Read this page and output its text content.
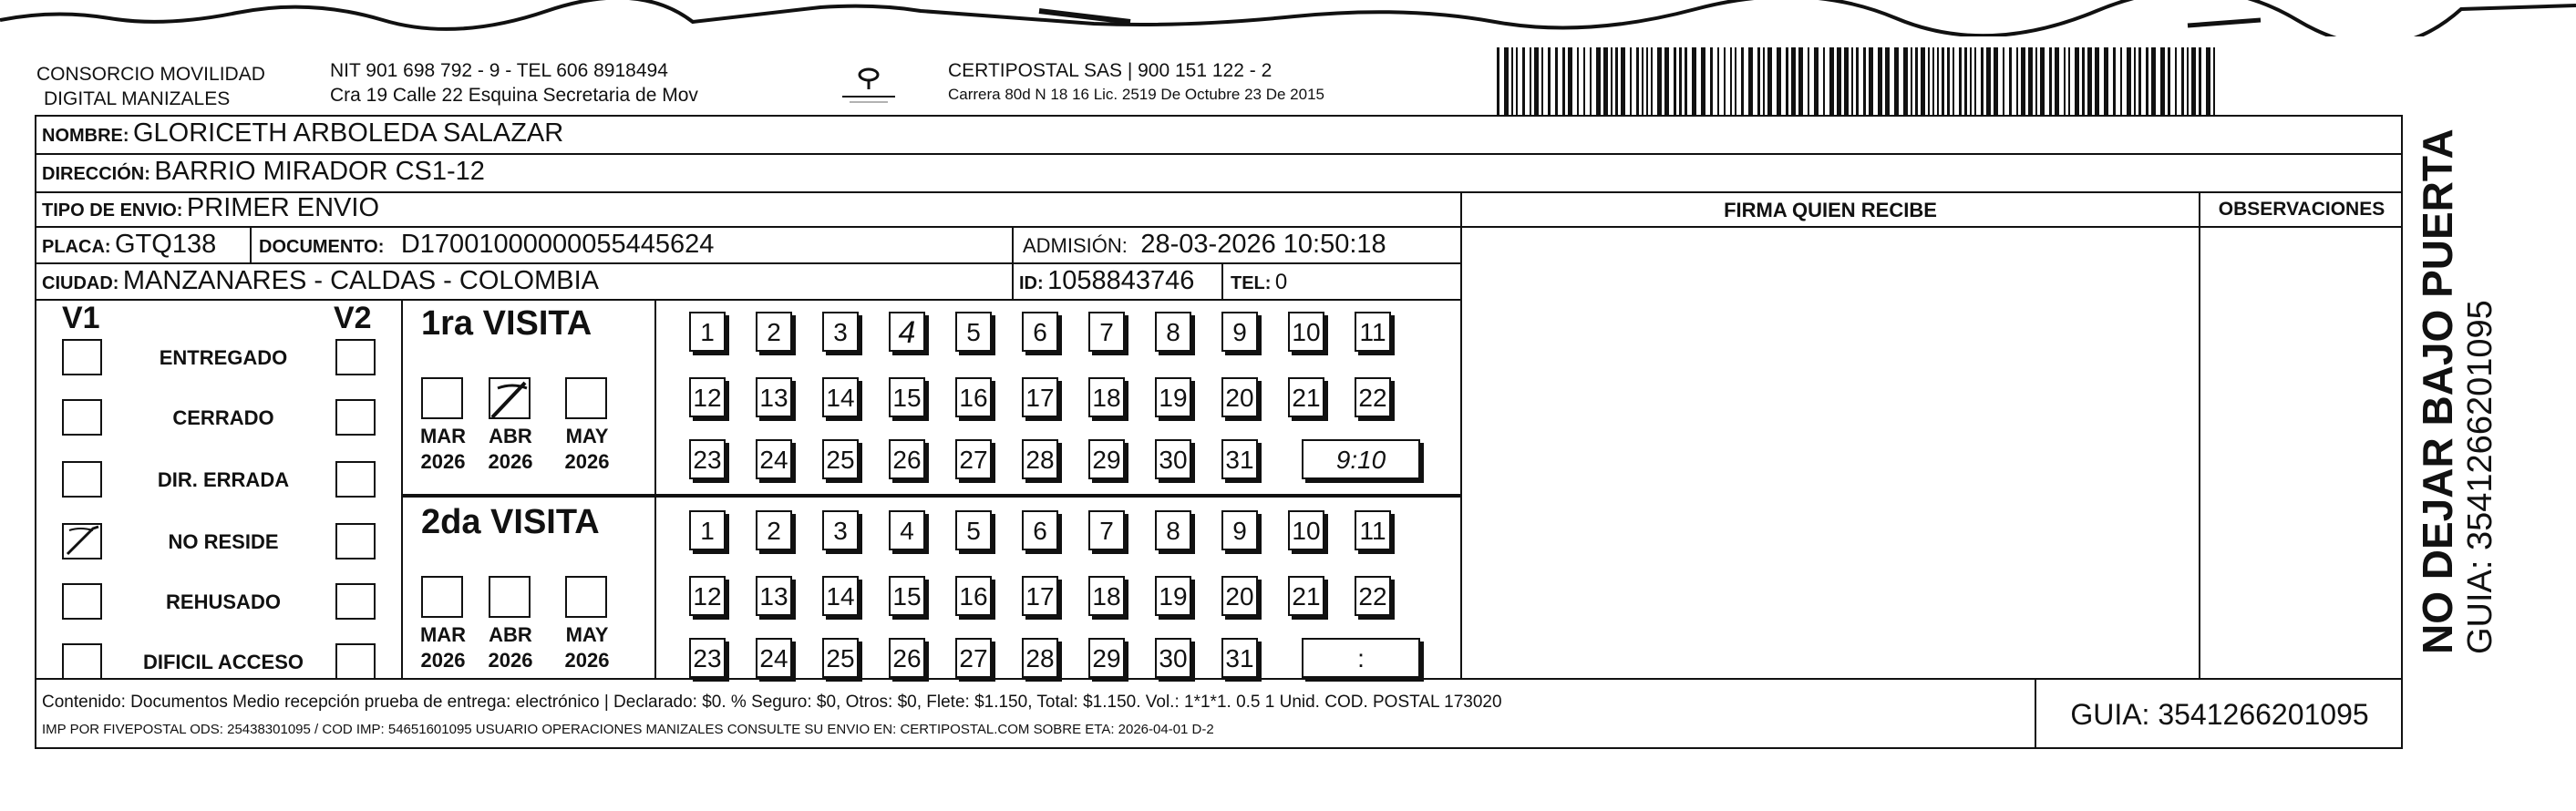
CONSORCIO MOVILIDAD
DIGITAL MANIZALES
NIT 901 698 792 - 9 - TEL 606 8918494
Cra 19 Calle 22 Esquina Secretaria de Mov
CERTIPOSTAL SAS | 900 151 122 - 2
Carrera 80d N 18 16 Lic. 2519 De Octubre 23 De 2015
NOMBRE: GLORICETH ARBOLEDA SALAZAR
DIRECCIÓN: BARRIO MIRADOR CS1-12
TIPO DE ENVIO: PRIMER ENVIO	FIRMA QUIEN RECIBE	OBSERVACIONES
PLACA: GTQ138 DOCUMENTO: D17001000000055445624	ADMISIÓN: 28-03-2026 10:50:18
CIUDAD: MANZANARES - CALDAS - COLOMBIA	ID: 1058843746 TEL: 0
V1	V2
ENTREGADO
CERRADO
DIR. ERRADA
NO RESIDE
REHUSADO
DIFICIL ACCESO
1ra VISITA
MAR
2026
ABR
2026
MAY
2026
1	2	3	4	5	6	7	8	9	10 11
12 13 14 15 16 17 18 19 20 21 22
23 24 25 26 27 28 29 30 31	9:10
2da VISITA
MAR
2026
ABR
2026
MAY
2026
1	2	3	4	5	6	7	8	9	10 11
12 13 14 15 16 17 18 19 20 21 22
23 24 25 26 27 28 29 30 31	:
Contenido: Documentos Medio recepción prueba de entrega: electrónico | Declarado: $0. % Seguro: $0, Otros: $0, Flete: $1.150, Total: $1.150. Vol.: 1*1*1. 0.5 1 Unid. COD. POSTAL 173020
IMP POR FIVEPOSTAL ODS: 25438301095 / COD IMP: 54651601095 USUARIO OPERACIONES MANIZALES CONSULTE SU ENVIO EN: CERTIPOSTAL.COM SOBRE ETA: 2026-04-01 D-2	GUIA: 3541266201095
NO DEJAR BAJO PUERTA GUIA: 3541266201095
